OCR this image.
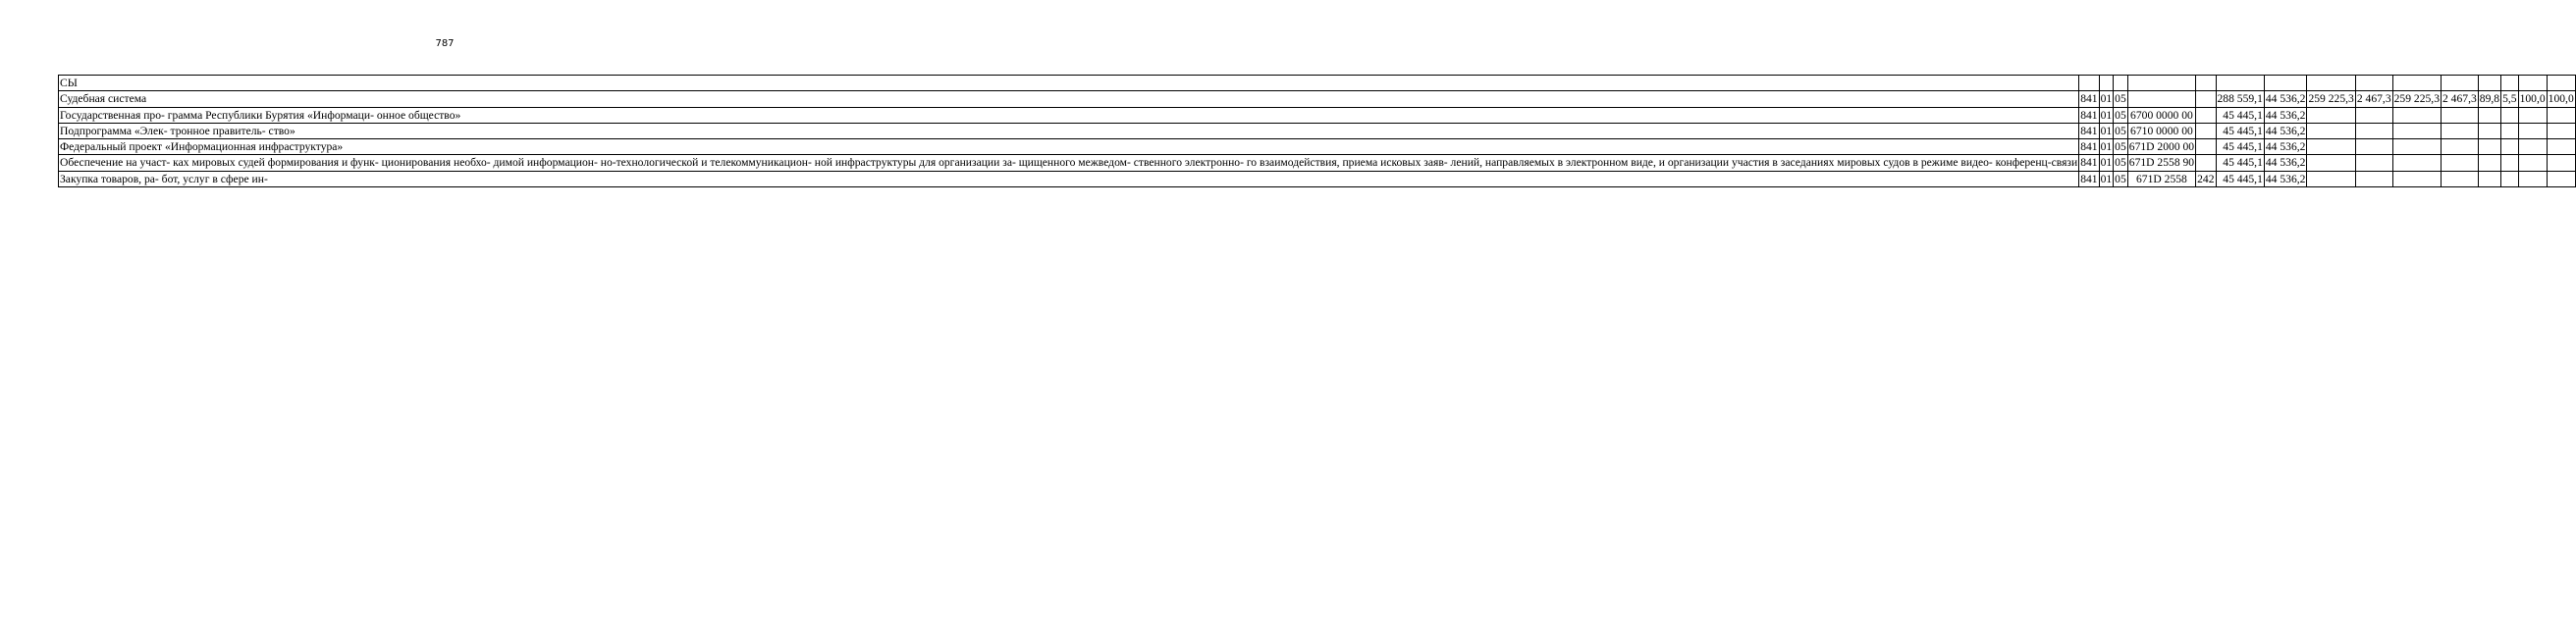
787
СЫ															
Судебная система	841	01	05			288 559,1	44 536,2	259 225,3	2 467,3	259 225,3	2 467,3	89,8	5,5	100,0	100,0
Государственная про- грамма Республики Бурятия «Информаци- онное общество»	841	01	05	6700 0000 00		45 445,1	44 536,2								
Подпрограмма «Элек- тронное правитель- ство»	841	01	05	6710 0000 00		45 445,1	44 536,2								
Федеральный проект «Информационная инфраструктура»	841	01	05	671D 2000 00		45 445,1	44 536,2								
Обеспечение на участ- ках мировых судей формирования и функ- ционирования необхо- димой информацион- но-технологической и телекоммуникацион- ной инфраструктуры для организации за- щищенного межведом- ственного электронно- го взаимодействия, приема исковых заяв- лений, направляемых в электронном виде, и организации участия в заседаниях мировых судов в режиме видео- конференц-связи	841	01	05	671D 2558 90		45 445,1	44 536,2								
Закупка товаров, ра- бот, услуг в сфере ин-	841	01	05	671D 2558	242	45 445,1	44 536,2								
